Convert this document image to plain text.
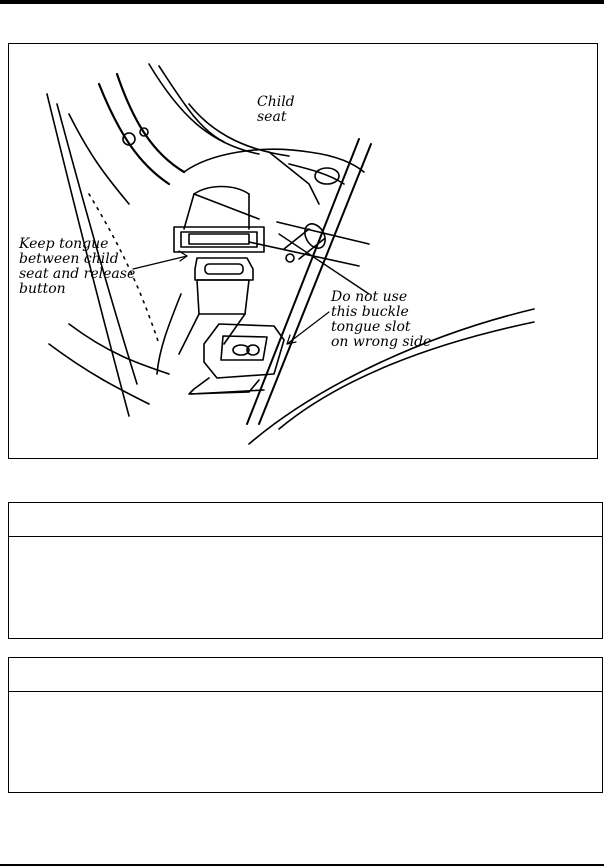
Child
seat
Keep tongue
between child
seat and release
button	Do not use
this buckle
tongue slot
on wrong side
